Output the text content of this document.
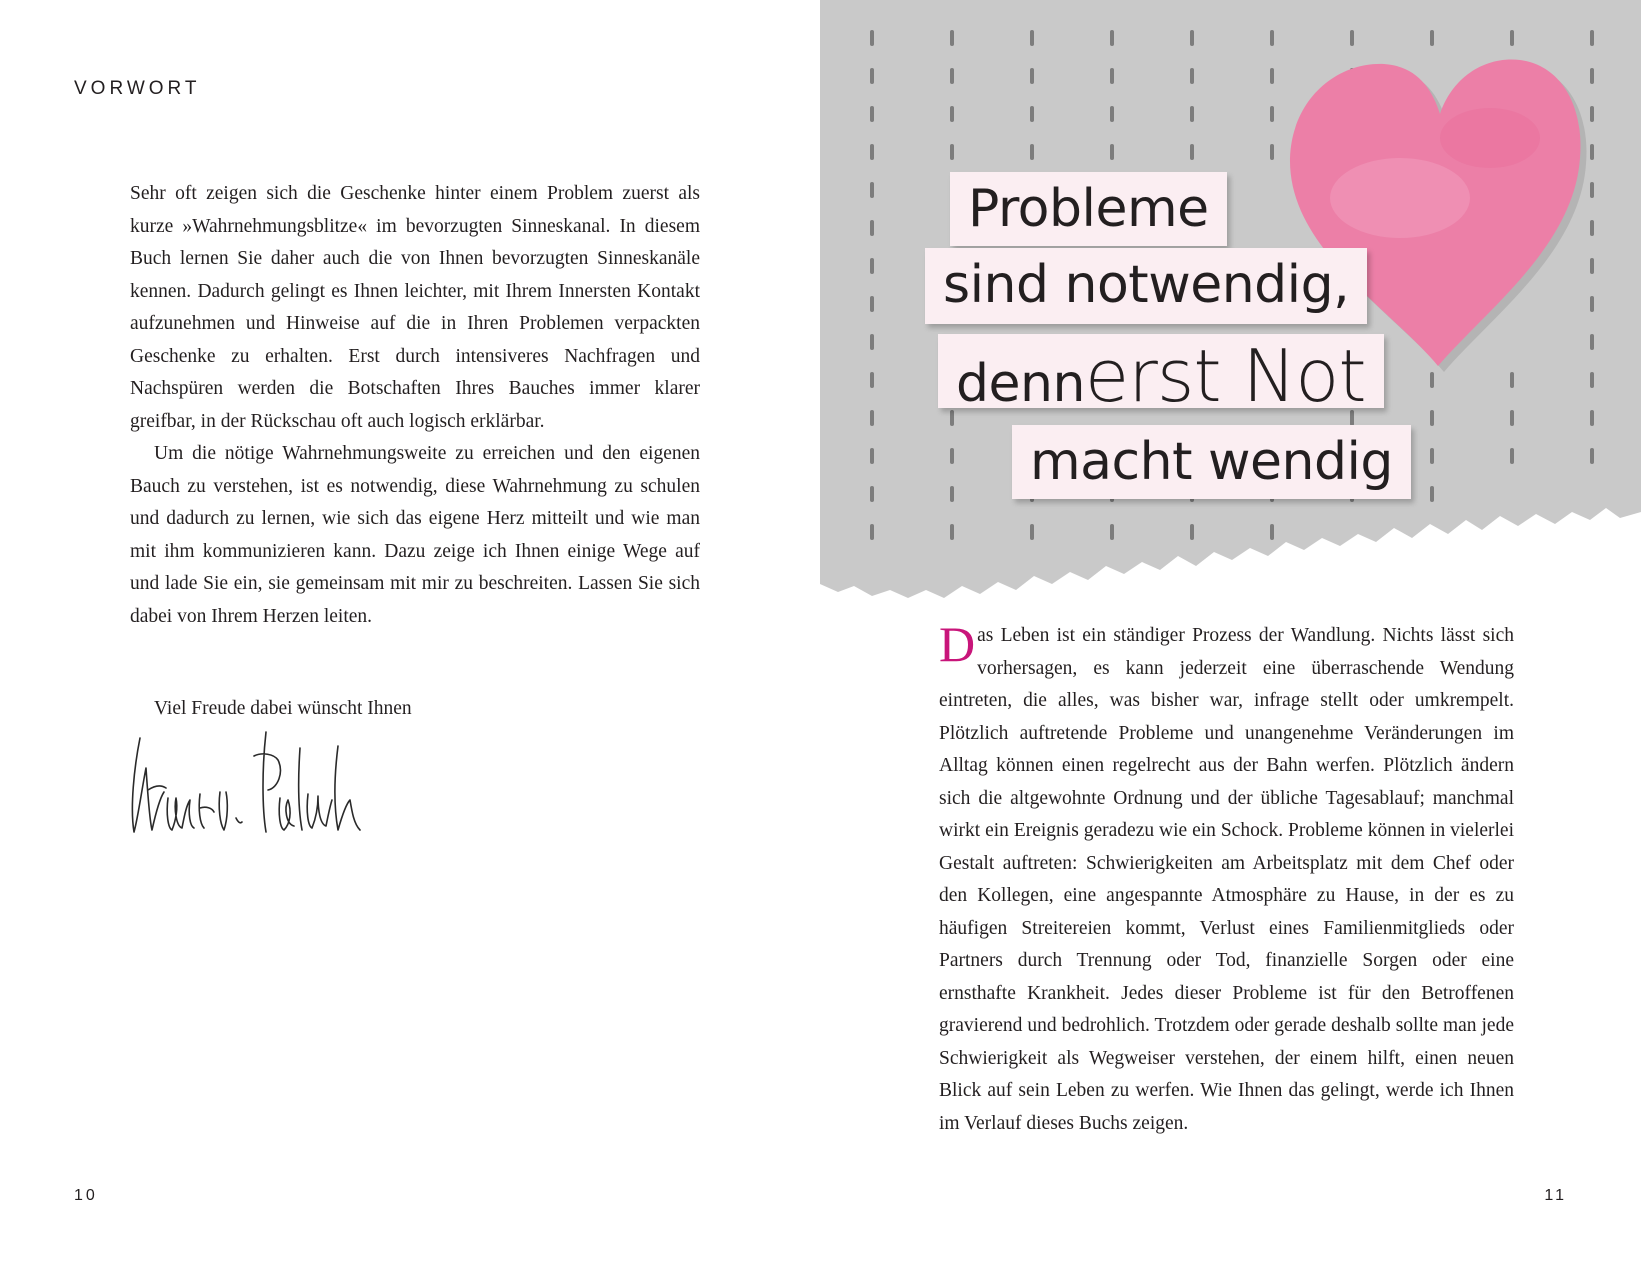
VORWORT

Sehr oft zeigen sich die Geschenke hinter einem Problem zuerst als kurze »Wahrnehmungsblitze« im bevorzugten Sinneskanal. In diesem Buch lernen Sie daher auch die von Ihnen bevorzugten Sinneskanäle kennen. Dadurch gelingt es Ihnen leichter, mit Ihrem Innersten Kontakt aufzunehmen und Hinweise auf die in Ihren Problemen verpackten Geschenke zu erhalten. Erst durch intensiveres Nachfragen und Nachspüren werden die Botschaften Ihres Bauches immer klarer greifbar, in der Rückschau oft auch logisch erklärbar.

Um die nötige Wahrnehmungsweite zu erreichen und den eigenen Bauch zu verstehen, ist es notwendig, diese Wahrnehmung zu schulen und dadurch zu lernen, wie sich das eigene Herz mitteilt und wie man mit ihm kommunizieren kann. Dazu zeige ich Ihnen einige Wege auf und lade Sie ein, sie gemeinsam mit mir zu beschreiten. Lassen Sie sich dabei von Ihrem Herzen leiten.

Viel Freude dabei wünscht Ihnen
10
Probleme
sind notwendig,
dennerst Not
macht wendig

Das Leben ist ein ständiger Prozess der Wandlung. Nichts lässt sich vorhersagen, es kann jederzeit eine überraschende Wendung eintreten, die alles, was bisher war, infrage stellt oder umkrempelt. Plötzlich auftretende Probleme und unangenehme Veränderungen im Alltag können einen regelrecht aus der Bahn werfen. Plötzlich ändern sich die altgewohnte Ordnung und der übliche Tagesablauf; manchmal wirkt ein Ereignis geradezu wie ein Schock. Probleme können in vielerlei Gestalt auftreten: Schwierigkeiten am Arbeitsplatz mit dem Chef oder den Kollegen, eine angespannte Atmosphäre zu Hause, in der es zu häufigen Streitereien kommt, Verlust eines Familienmitglieds oder Partners durch Trennung oder Tod, finanzielle Sorgen oder eine ernsthafte Krankheit. Jedes dieser Probleme ist für den Betroffenen gravierend und bedrohlich. Trotzdem oder gerade deshalb sollte man jede Schwierigkeit als Wegweiser verstehen, der einem hilft, einen neuen Blick auf sein Leben zu werfen. Wie Ihnen das gelingt, werde ich Ihnen im Verlauf dieses Buchs zeigen.

11
